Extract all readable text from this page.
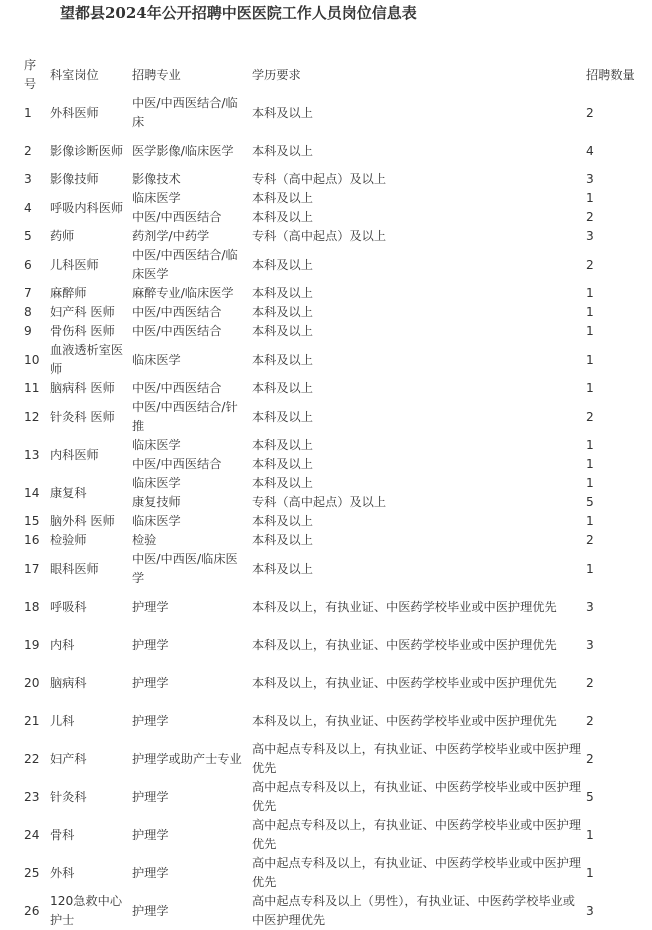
望都县2024年公开招聘中医医院工作人员岗位信息表
序号	科室岗位	招聘专业	学历要求	招聘数量
1	外科医师	中医/中西医结合/临床	本科及以上	2
2	影像诊断医师	医学影像/临床医学	本科及以上	4
3	影像技师	影像技术	专科（高中起点）及以上	3
4	呼吸内科医师	临床医学	本科及以上	1
		中医/中西医结合	本科及以上	2
5	药师	药剂学/中药学	专科（高中起点）及以上	3
6	儿科医师	中医/中西医结合/临床医学	本科及以上	2
7	麻醉师	麻醉专业/临床医学	本科及以上	1
8	妇产科 医师	中医/中西医结合	本科及以上	1
9	骨伤科 医师	中医/中西医结合	本科及以上	1
10	血液透析室医师	临床医学	本科及以上	1
11	脑病科 医师	中医/中西医结合	本科及以上	1
12	针灸科 医师	中医/中西医结合/针推	本科及以上	2
13	内科医师	临床医学	本科及以上	1
		中医/中西医结合	本科及以上	1
14	康复科	临床医学	本科及以上	1
		康复技师	专科（高中起点）及以上	5
15	脑外科 医师	临床医学	本科及以上	1
16	检验师	检验	本科及以上	2
17	眼科医师	中医/中西医/临床医学	本科及以上	1
18	呼吸科	护理学	本科及以上，有执业证、中医药学校毕业或中医护理优先	3
19	内科	护理学	本科及以上，有执业证、中医药学校毕业或中医护理优先	3
20	脑病科	护理学	本科及以上，有执业证、中医药学校毕业或中医护理优先	2
21	儿科	护理学	本科及以上，有执业证、中医药学校毕业或中医护理优先	2
22	妇产科	护理学或助产士专业	高中起点专科及以上，有执业证、中医药学校毕业或中医护理优先	2
23	针灸科	护理学	高中起点专科及以上，有执业证、中医药学校毕业或中医护理优先	5
24	骨科	护理学	高中起点专科及以上，有执业证、中医药学校毕业或中医护理优先	1
25	外科	护理学	高中起点专科及以上，有执业证、中医药学校毕业或中医护理优先	1
26	120急救中心护士	护理学	高中起点专科及以上（男性），有执业证、中医药学校毕业或中医护理优先	3
